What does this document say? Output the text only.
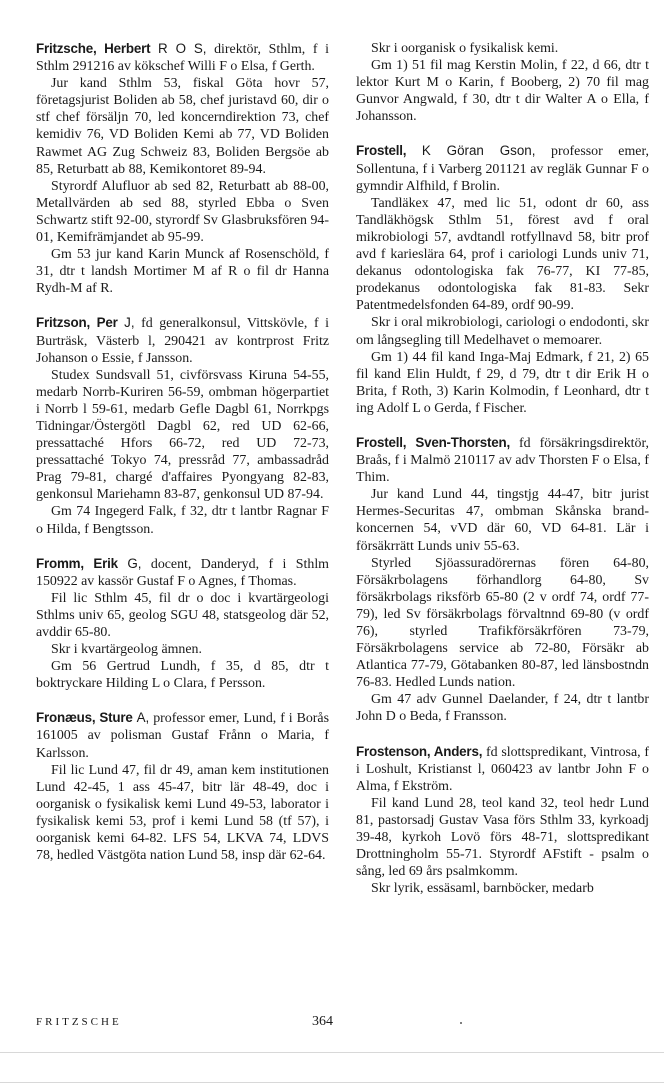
Fritzsche, Herbert R O S, direktör, Sthlm, f i Sthlm 291216 av kökschef Willi F o Elsa, f Gerth.

Jur kand Sthlm 53, fiskal Göta hovr 57, företagsjurist Boliden ab 58, chef juristavd 60, dir o stf chef försäljn 70, led koncerndirektion 73, chef kemidiv 76, VD Boliden Kemi ab 77, VD Boliden Rawmet AG Zug Schweiz 83, Boliden Bergsöe ab 85, Returbatt ab 88, Kemikontoret 89-94.

Styrordf Alufluor ab sed 82, Returbatt ab 88-00, Metallvärden ab sed 88, styrled Ebba o Sven Schwartz stift 92-00, styrordf Sv Glasbruksfören 94-01, Kemifrämjandet ab 95-99.

Gm 53 jur kand Karin Munck af Rosenschöld, f 31, dtr t landsh Mortimer M af R o fil dr Hanna Rydh-M af R.

Fritzson, Per J, fd generalkonsul, Vittskövle, f i Burträsk, Västerb l, 290421 av kontrprost Fritz Johanson o Essie, f Jansson.

Studex Sundsvall 51, civförsvass Kiruna 54-55, medarb Norrb-Kuriren 56-59, ombman högerpartiet i Norrb l 59-61, medarb Gefle Dagbl 61, Norrkpgs Tidningar/Östergötl Dagbl 62, red UD 62-66, pressattaché Hfors 66-72, red UD 72-73, pressattaché Tokyo 74, pressråd 77, ambassadråd Prag 79-81, chargé d'affaires Pyongyang 82-83, genkonsul Mariehamn 83-87, genkonsul UD 87-94.

Gm 74 Ingegerd Falk, f 32, dtr t lantbr Ragnar F o Hilda, f Bengtsson.

Fromm, Erik G, docent, Danderyd, f i Sthlm 150922 av kassör Gustaf F o Agnes, f Thomas.

Fil lic Sthlm 45, fil dr o doc i kvartärgeologi Sthlms univ 65, geolog SGU 48, statsgeolog där 52, avddir 65-80.

Skr i kvartärgeolog ämnen.

Gm 56 Gertrud Lundh, f 35, d 85, dtr t boktryckare Hilding L o Clara, f Persson.

Fronæus, Sture A, professor emer, Lund, f i Borås 161005 av polisman Gustaf Frånn o Maria, f Karlsson.

Fil lic Lund 47, fil dr 49, aman kem institutionen Lund 42-45, 1 ass 45-47, bitr lär 48-49, doc i oorganisk o fysikalisk kemi Lund 49-53, laborator i fysikalisk kemi 53, prof i kemi Lund 58 (tf 57), i oorganisk kemi 64-82. LFS 54, LKVA 74, LDVS 78, hedled Västgöta nation Lund 58, insp där 62-64.

Skr i oorganisk o fysikalisk kemi.

Gm 1) 51 fil mag Kerstin Molin, f 22, d 66, dtr t lektor Kurt M o Karin, f Booberg, 2) 70 fil mag Gunvor Angwald, f 30, dtr t dir Walter A o Ella, f Johansson.

Frostell, K Göran Gson, professor emer, Sollentuna, f i Varberg 201121 av regläk Gunnar F o gymndir Alfhild, f Brolin.

Tandläkex 47, med lic 51, odont dr 60, ass Tandläkhögsk Sthlm 51, förest avd f oral mikrobiologi 57, avdtandl rotfyllnavd 58, bitr prof avd f karieslära 64, prof i cariologi Lunds univ 71, dekanus odontologiska fak 76-77, KI 77-85, prodekanus odontologiska fak 81-83. Sekr Patentmedelsfonden 64-89, ordf 90-99.

Skr i oral mikrobiologi, cariologi o endodonti, skr om långsegling till Medelhavet o memoarer.

Gm 1) 44 fil kand Inga-Maj Edmark, f 21, 2) 65 fil kand Elin Huldt, f 29, d 79, dtr t dir Erik H o Brita, f Roth, 3) Karin Kolmodin, f Leonhard, dtr t ing Adolf L o Gerda, f Fischer.

Frostell, Sven-Thorsten, fd försäkringsdirektör, Braås, f i Malmö 210117 av adv Thorsten F o Elsa, f Thim.

Jur kand Lund 44, tingstjg 44-47, bitr jurist Hermes-Securitas 47, ombman Skånska brand-koncernen 54, vVD där 60, VD 64-81. Lär i försäkrrätt Lunds univ 55-63.

Styrled Sjöassuradörernas fören 64-80, Försäkrbolagens förhandlorg 64-80, Sv försäkrbolags riksförb 65-80 (2 v ordf 74, ordf 77-79), led Sv försäkrbolags förvaltnnd 69-80 (v ordf 76), styrled Trafikförsäkrfören 73-79, Försäkrbolagens service ab 72-80, Försäkr ab Atlantica 77-79, Götabanken 80-87, led länsbostndn 76-83. Hedled Lunds nation.

Gm 47 adv Gunnel Daelander, f 24, dtr t lantbr John D o Beda, f Fransson.

Frostenson, Anders, fd slottspredikant, Vintrosa, f i Loshult, Kristianst l, 060423 av lantbr John F o Alma, f Ekström.

Fil kand Lund 28, teol kand 32, teol hedr Lund 81, pastorsadj Gustav Vasa förs Sthlm 33, kyrkoadj 39-48, kyrkoh Lovö förs 48-71, slottspredikant Drottningholm 55-71. Styrordf AFstift - psalm o sång, led 69 års psalmkomm.

Skr lyrik, essäsaml, barnböcker, medarb

FRITZSCHE	364
